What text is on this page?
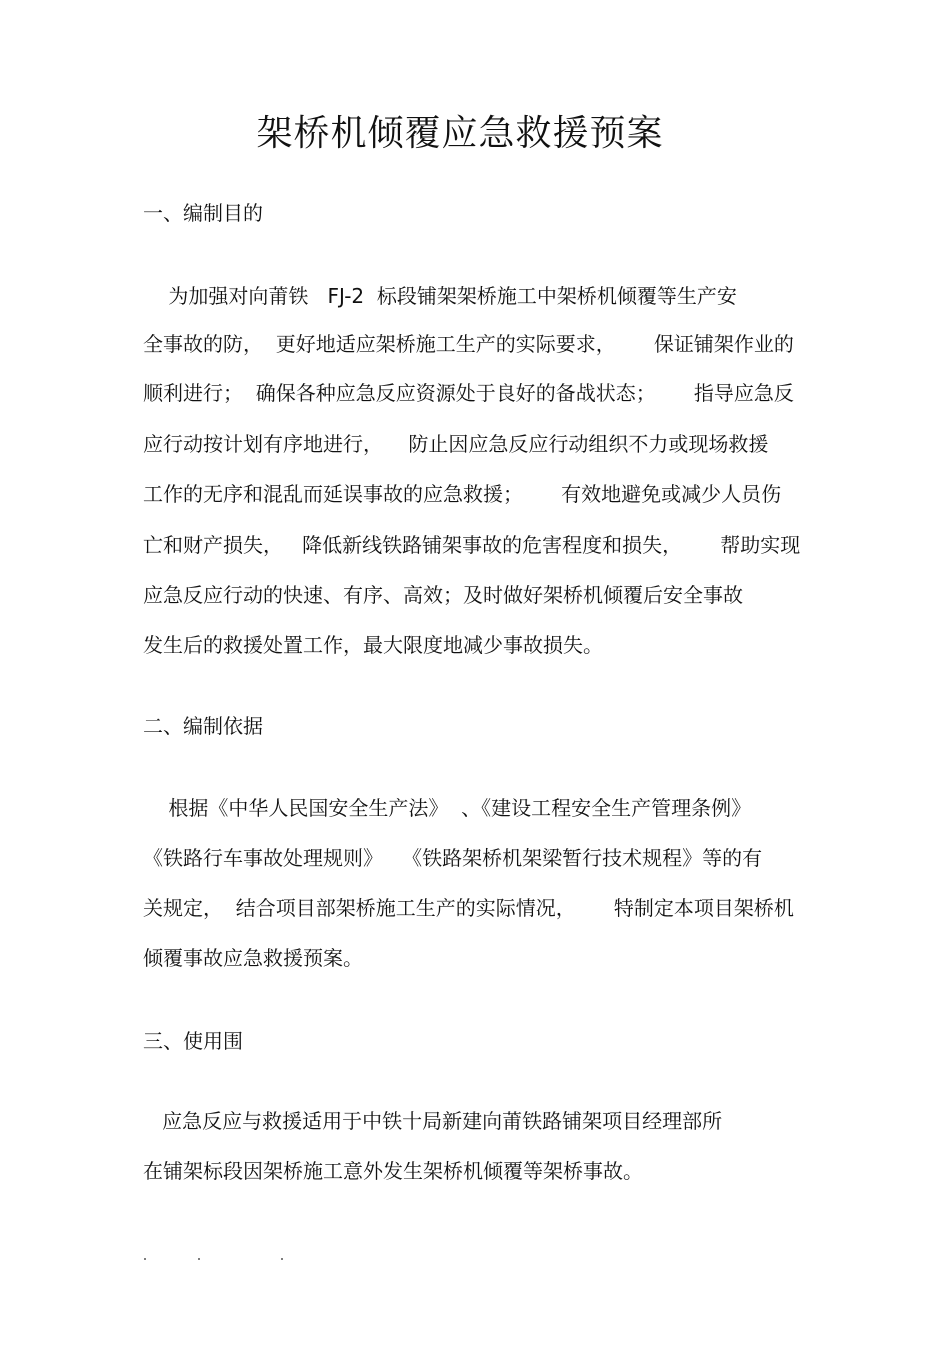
架桥机倾覆应急救援预案
一、编制目的
为加强对向莆铁   FJ-2  标段铺架架桥施工中架桥机倾覆等生产安
全事故的防，  更好地适应架桥施工生产的实际要求，      保证铺架作业的
顺利进行；  确保各种应急反应资源处于良好的备战状态；      指导应急反
应行动按计划有序地进行，    防止因应急反应行动组织不力或现场救援
工作的无序和混乱而延误事故的应急救援；      有效地避免或减少人员伤
亡和财产损失，   降低新线铁路铺架事故的危害程度和损失，      帮助实现
应急反应行动的快速、有序、高效；及时做好架桥机倾覆后安全事故
发生后的救援处置工作，最大限度地减少事故损失。
二、编制依据
根据《中华人民国安全生产法》  、《建设工程安全生产管理条例》
《铁路行车事故处理规则》   《铁路架桥机架梁暂行技术规程》等的有
关规定，  结合项目部架桥施工生产的实际情况，      特制定本项目架桥机
倾覆事故应急救援预案。
三、使用围
应急反应与救援适用于中铁十局新建向莆铁路铺架项目经理部所
在铺架标段因架桥施工意外发生架桥机倾覆等架桥事故。
